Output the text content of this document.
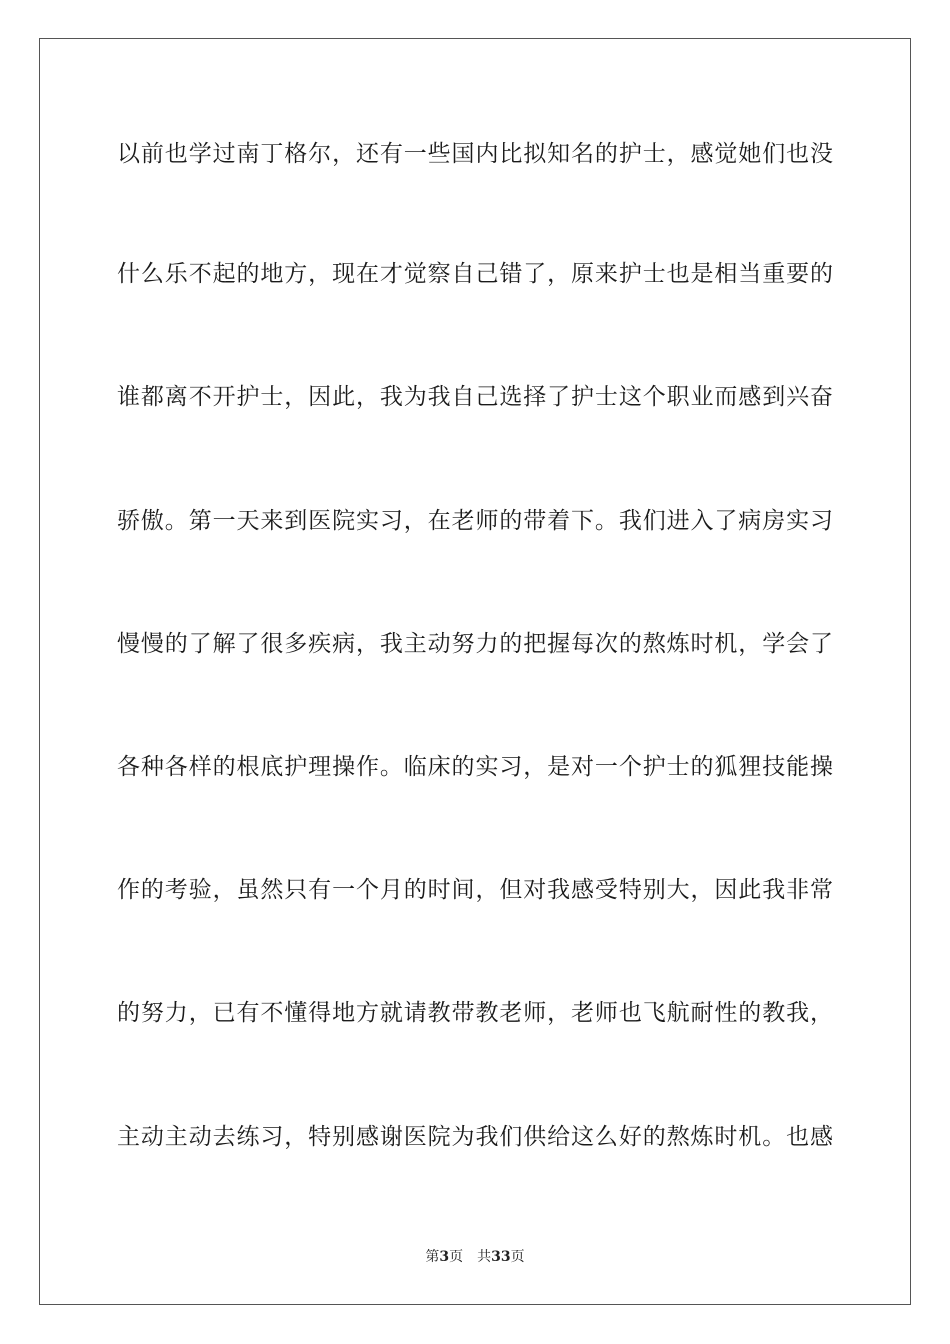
以前也学过南丁格尔，还有一些国内比拟知名的护士，感觉她们也没
什么乐不起的地方，现在才觉察自己错了，原来护士也是相当重要的
谁都离不开护士，因此，我为我自己选择了护士这个职业而感到兴奋
骄傲。第一天来到医院实习，在老师的带着下。我们进入了病房实习
慢慢的了解了很多疾病，我主动努力的把握每次的熬炼时机，学会了
各种各样的根底护理操作。临床的实习，是对一个护士的狐狸技能操
作的考验，虽然只有一个月的时间，但对我感受特别大，因此我非常
的努力，已有不懂得地方就请教带教老师，老师也飞航耐性的教我，
主动主动去练习，特别感谢医院为我们供给这么好的熬炼时机。也感
第3页 共33页
